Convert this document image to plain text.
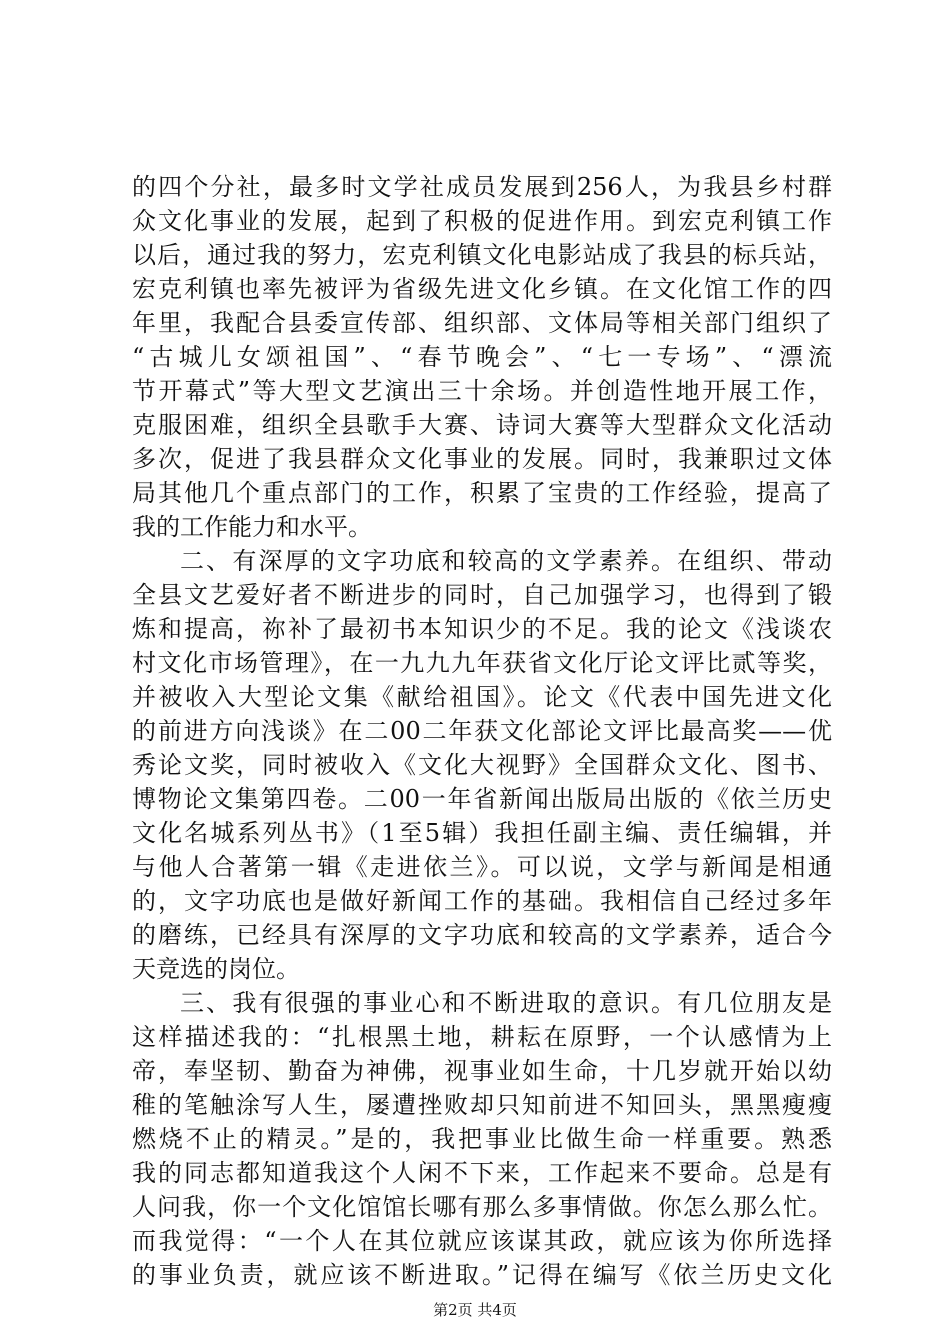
的四个分社，最多时文学社成员发展到256人，为我县乡村群
众文化事业的发展，起到了积极的促进作用。到宏克利镇工作
以后，通过我的努力，宏克利镇文化电影站成了我县的标兵站，
宏克利镇也率先被评为省级先进文化乡镇。在文化馆工作的四
年里，我配合县委宣传部、组织部、文体局等相关部门组织了
“古城儿女颂祖国”、“春节晚会”、“七一专场”、“漂流
节开幕式”等大型文艺演出三十余场。并创造性地开展工作，
克服困难，组织全县歌手大赛、诗词大赛等大型群众文化活动
多次，促进了我县群众文化事业的发展。同时，我兼职过文体
局其他几个重点部门的工作，积累了宝贵的工作经验，提高了
我的工作能力和水平。
二、有深厚的文字功底和较高的文学素养。在组织、带动
全县文艺爱好者不断进步的同时，自己加强学习，也得到了锻
炼和提高，祢补了最初书本知识少的不足。我的论文《浅谈农
村文化市场管理》，在一九九九年获省文化厅论文评比贰等奖，
并被收入大型论文集《献给祖国》。论文《代表中国先进文化
的前进方向浅谈》在二00二年获文化部论文评比最高奖——优
秀论文奖，同时被收入《文化大视野》全国群众文化、图书、
博物论文集第四卷。二00一年省新闻出版局出版的《依兰历史
文化名城系列丛书》（1至5辑）我担任副主编、责任编辑，并
与他人合著第一辑《走进依兰》。可以说，文学与新闻是相通
的，文字功底也是做好新闻工作的基础。我相信自己经过多年
的磨练，已经具有深厚的文字功底和较高的文学素养，适合今
天竞选的岗位。
三、我有很强的事业心和不断进取的意识。有几位朋友是
这样描述我的：“扎根黑土地，耕耘在原野，一个认感情为上
帝，奉坚韧、勤奋为神佛，视事业如生命，十几岁就开始以幼
稚的笔触涂写人生，屡遭挫败却只知前进不知回头，黑黑瘦瘦
燃烧不止的精灵。”是的，我把事业比做生命一样重要。熟悉
我的同志都知道我这个人闲不下来，工作起来不要命。总是有
人问我，你一个文化馆馆长哪有那么多事情做。你怎么那么忙。
而我觉得：“一个人在其位就应该谋其政，就应该为你所选择
的事业负责，就应该不断进取。”记得在编写《依兰历史文化
第2页 共4页
